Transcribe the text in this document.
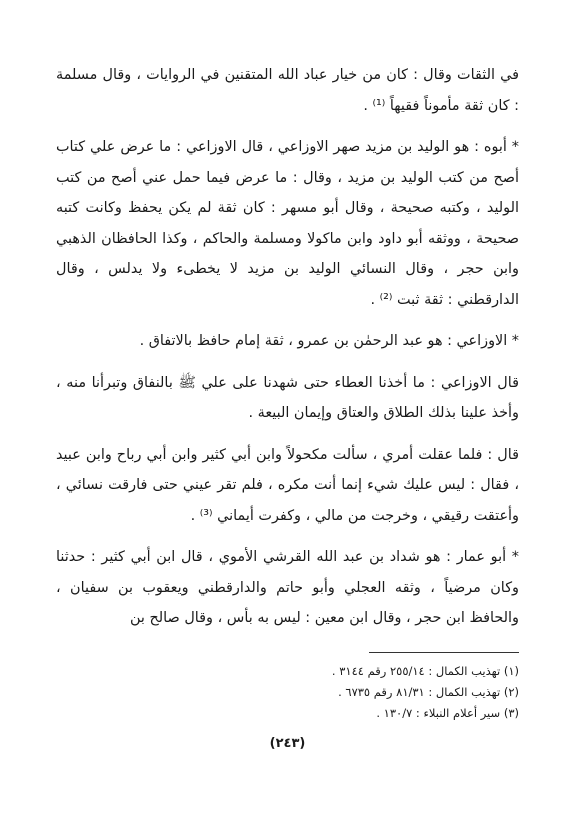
في الثقات وقال : كان من خيار عباد الله المتقنين في الروايات ، وقال مسلمة : كان ثقة مأموناً فقيهاً ⁽¹⁾ .

* أبوه : هو الوليد بن مزيد صهر الاوزاعي ، قال الاوزاعي : ما عرض علي كتاب أصح من كتب الوليد بن مزيد ، وقال : ما عرض فيما حمل عني أصح من كتب الوليد ، وكتبه صحيحة ، وقال أبو مسهر : كان ثقة لم يكن يحفظ وكانت كتبه صحيحة ، ووثقه أبو داود وابن ماكولا ومسلمة والحاكم ، وكذا الحافظان الذهبي وابن حجر ، وقال النسائي الوليد بن مزيد لا يخطىء ولا يدلس ، وقال الدارقطني : ثقة ثبت ⁽²⁾ .

* الاوزاعي : هو عبد الرحمٰن بن عمرو ، ثقة إمام حافظ بالاتفاق .

قال الاوزاعي : ما أخذنا العطاء حتى شهدنا على علي ﷺ بالنفاق وتبرأنا منه ، وأخذ علينا بذلك الطلاق والعتاق وإيمان البيعة .

قال : فلما عقلت أمري ، سألت مكحولاً وابن أبي كثير وابن أبي رباح وابن عبيد ، فقال : ليس عليك شيء إنما أنت مكره ، فلم تقر عيني حتى فارقت نسائي ، وأعتقت رقيقي ، وخرجت من مالي ، وكفرت أيماني ⁽³⁾ .

* أبو عمار : هو شداد بن عبد الله القرشي الأموي ، قال ابن أبي كثير : حدثنا وكان مرضياً ، وثقه العجلي وأبو حاتم والدارقطني ويعقوب بن سفيان ، والحافظ ابن حجر ، وقال ابن معين : ليس به بأس ، وقال صالح بن

(١) تهذيب الكمال : ٢٥٥/١٤ رقم ٣١٤٤ .
(٢) تهذيب الكمال : ٨١/٣١ رقم ٦٧٣٥ .
(٣) سير أعلام النبلاء : ١٣٠/٧ .
(٢٤٣)
